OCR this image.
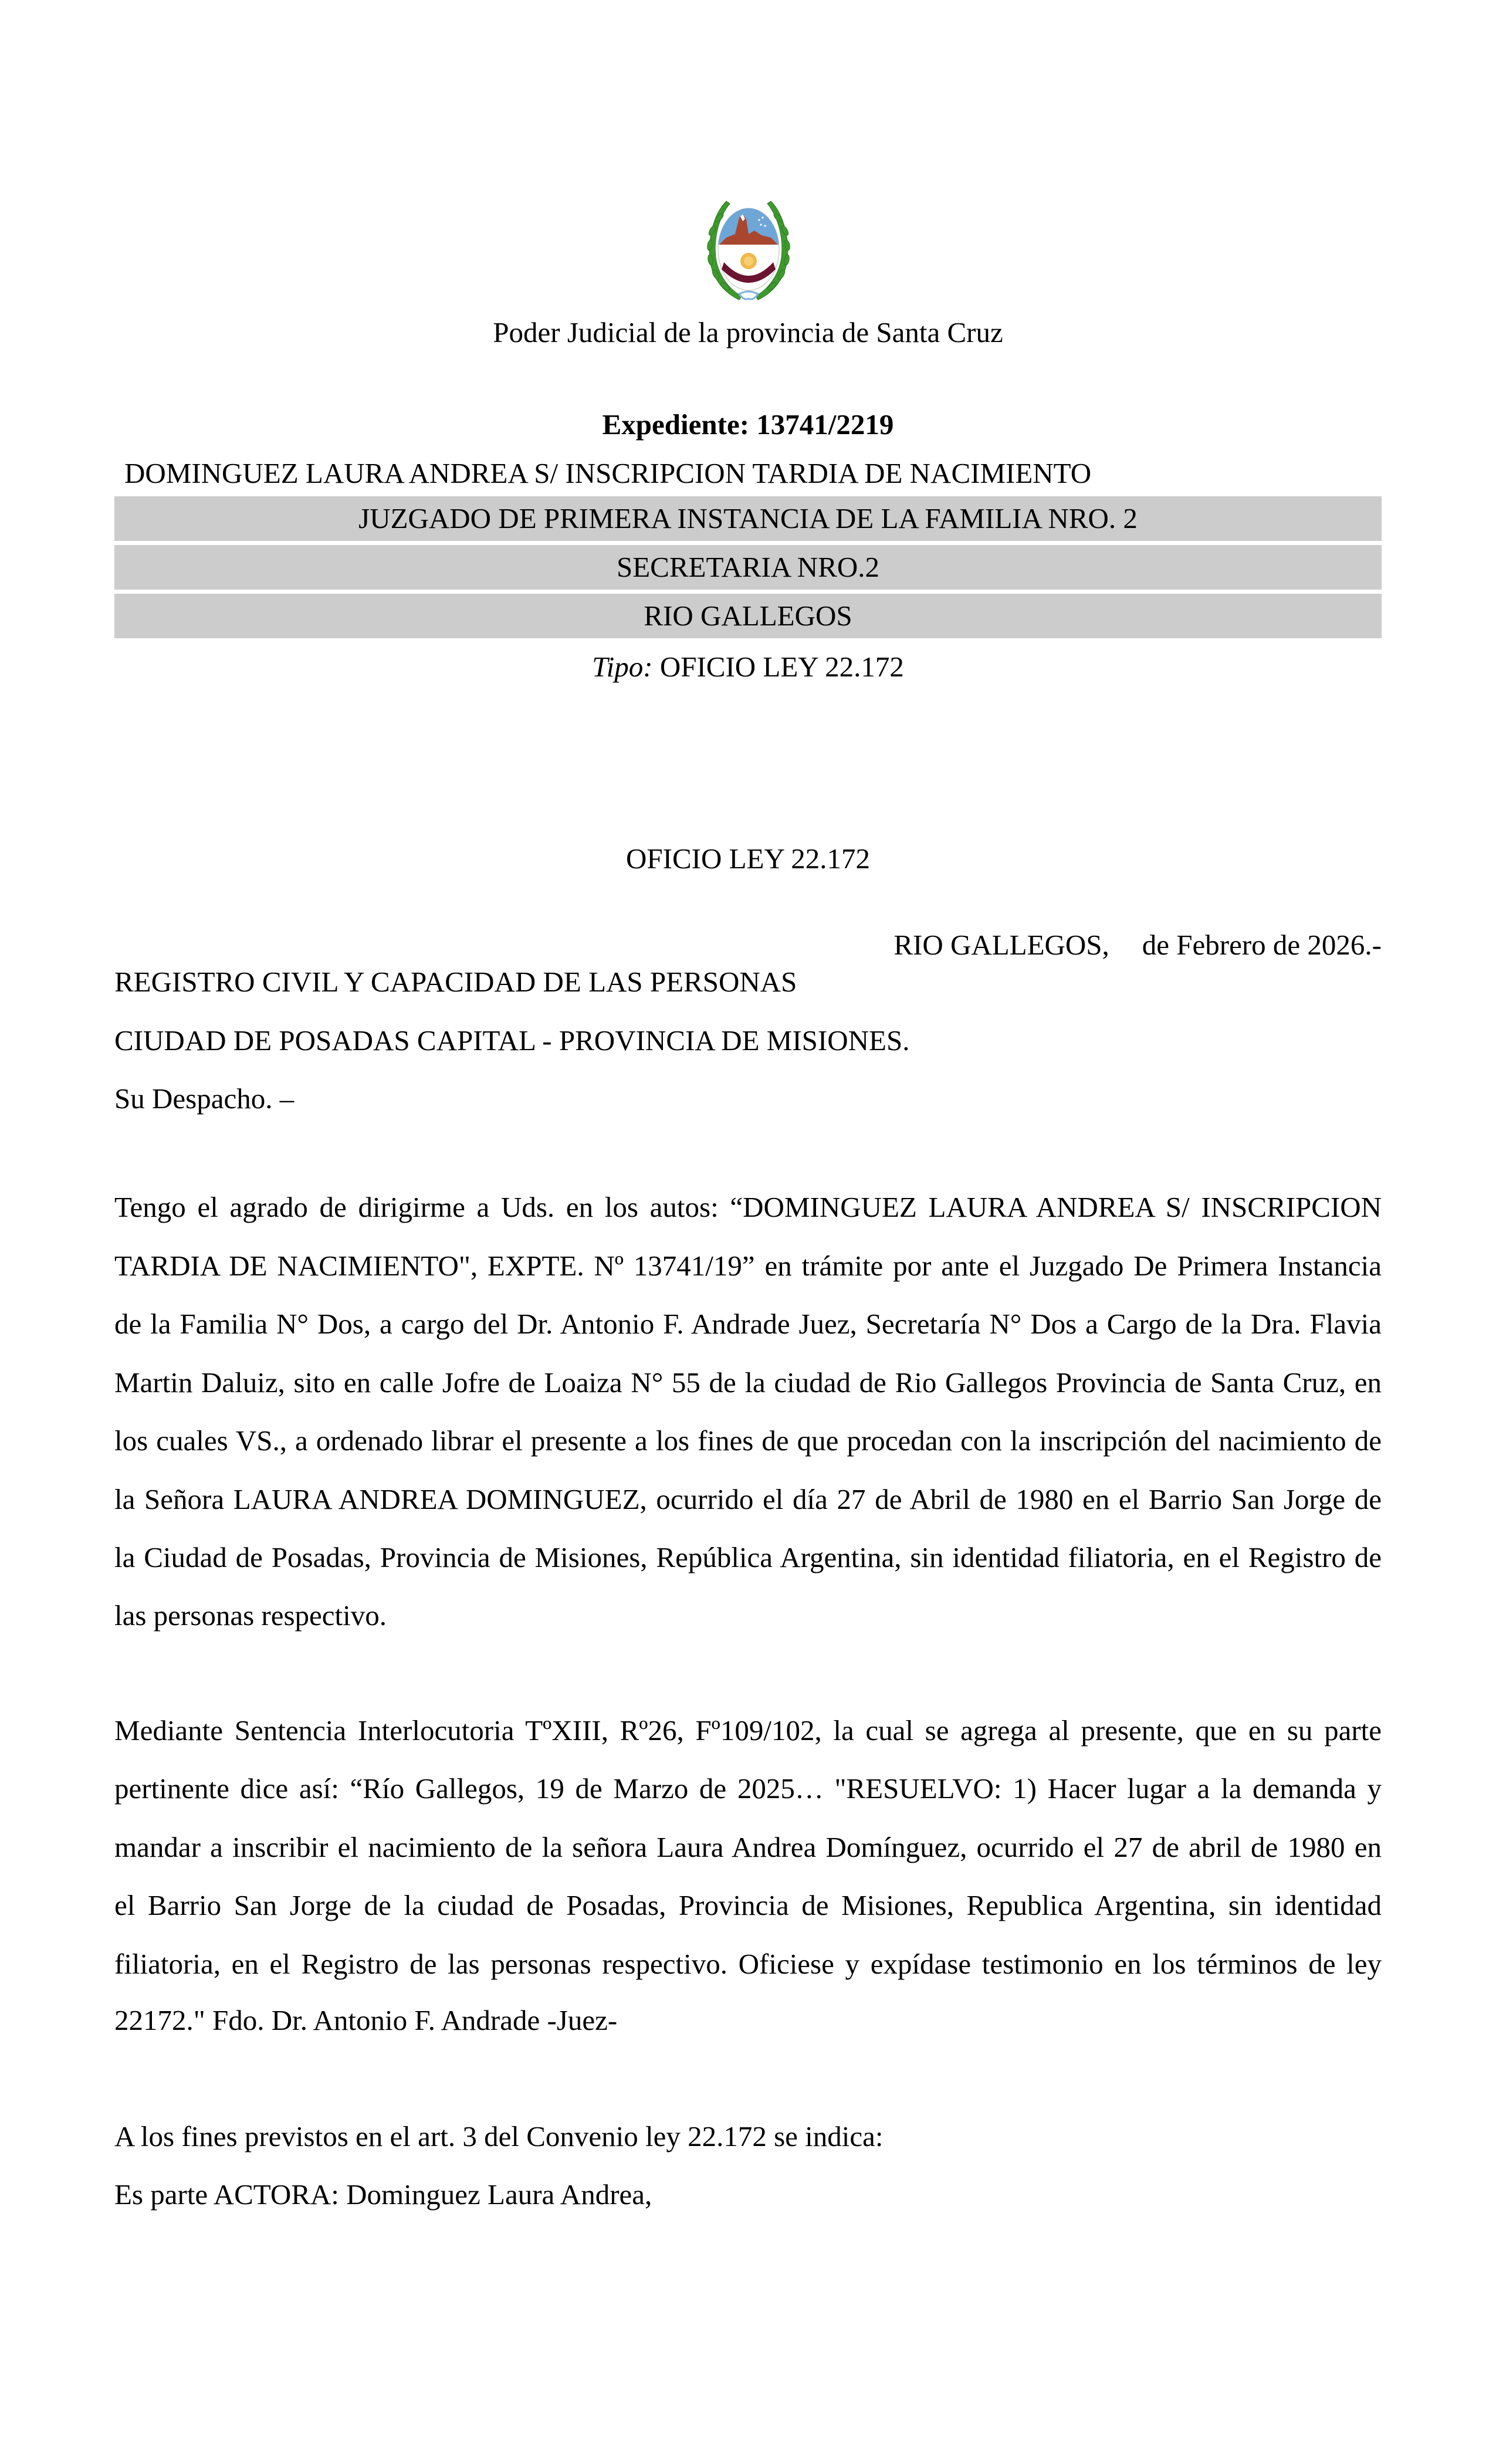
Poder Judicial de la provincia de Santa Cruz
Expediente: 13741/2219
DOMINGUEZ LAURA ANDREA S/ INSCRIPCION TARDIA DE NACIMIENTO
JUZGADO DE PRIMERA INSTANCIA DE LA FAMILIA NRO. 2
SECRETARIA NRO.2
RIO GALLEGOS
Tipo: OFICIO LEY 22.172
OFICIO LEY 22.172
RIO GALLEGOS, de Febrero de 2026.-
REGISTRO CIVIL Y CAPACIDAD DE LAS PERSONAS
CIUDAD DE POSADAS CAPITAL - PROVINCIA DE MISIONES.
Su Despacho. –
Tengo el agrado de dirigirme a Uds. en los autos: “DOMINGUEZ LAURA ANDREA S/ INSCRIPCION
TARDIA DE NACIMIENTO", EXPTE. Nº 13741/19” en trámite por ante el Juzgado De Primera Instancia
de la Familia N° Dos, a cargo del Dr. Antonio F. Andrade Juez, Secretaría N° Dos a Cargo de la Dra. Flavia
Martin Daluiz, sito en calle Jofre de Loaiza N° 55 de la ciudad de Rio Gallegos Provincia de Santa Cruz, en
los cuales VS., a ordenado librar el presente a los fines de que procedan con la inscripción del nacimiento de
la Señora LAURA ANDREA DOMINGUEZ, ocurrido el día 27 de Abril de 1980 en el Barrio San Jorge de
la Ciudad de Posadas, Provincia de Misiones, República Argentina, sin identidad filiatoria, en el Registro de
las personas respectivo.
Mediante Sentencia Interlocutoria TºXIII, Rº26, Fº109/102, la cual se agrega al presente, que en su parte
pertinente dice así: “Río Gallegos, 19 de Marzo de 2025… "RESUELVO: 1) Hacer lugar a la demanda y
mandar a inscribir el nacimiento de la señora Laura Andrea Domínguez, ocurrido el 27 de abril de 1980 en
el Barrio San Jorge de la ciudad de Posadas, Provincia de Misiones, Republica Argentina, sin identidad
filiatoria, en el Registro de las personas respectivo. Oficiese y expídase testimonio en los términos de ley
22172." Fdo. Dr. Antonio F. Andrade -Juez-
A los fines previstos en el art. 3 del Convenio ley 22.172 se indica:
Es parte ACTORA: Dominguez Laura Andrea,
